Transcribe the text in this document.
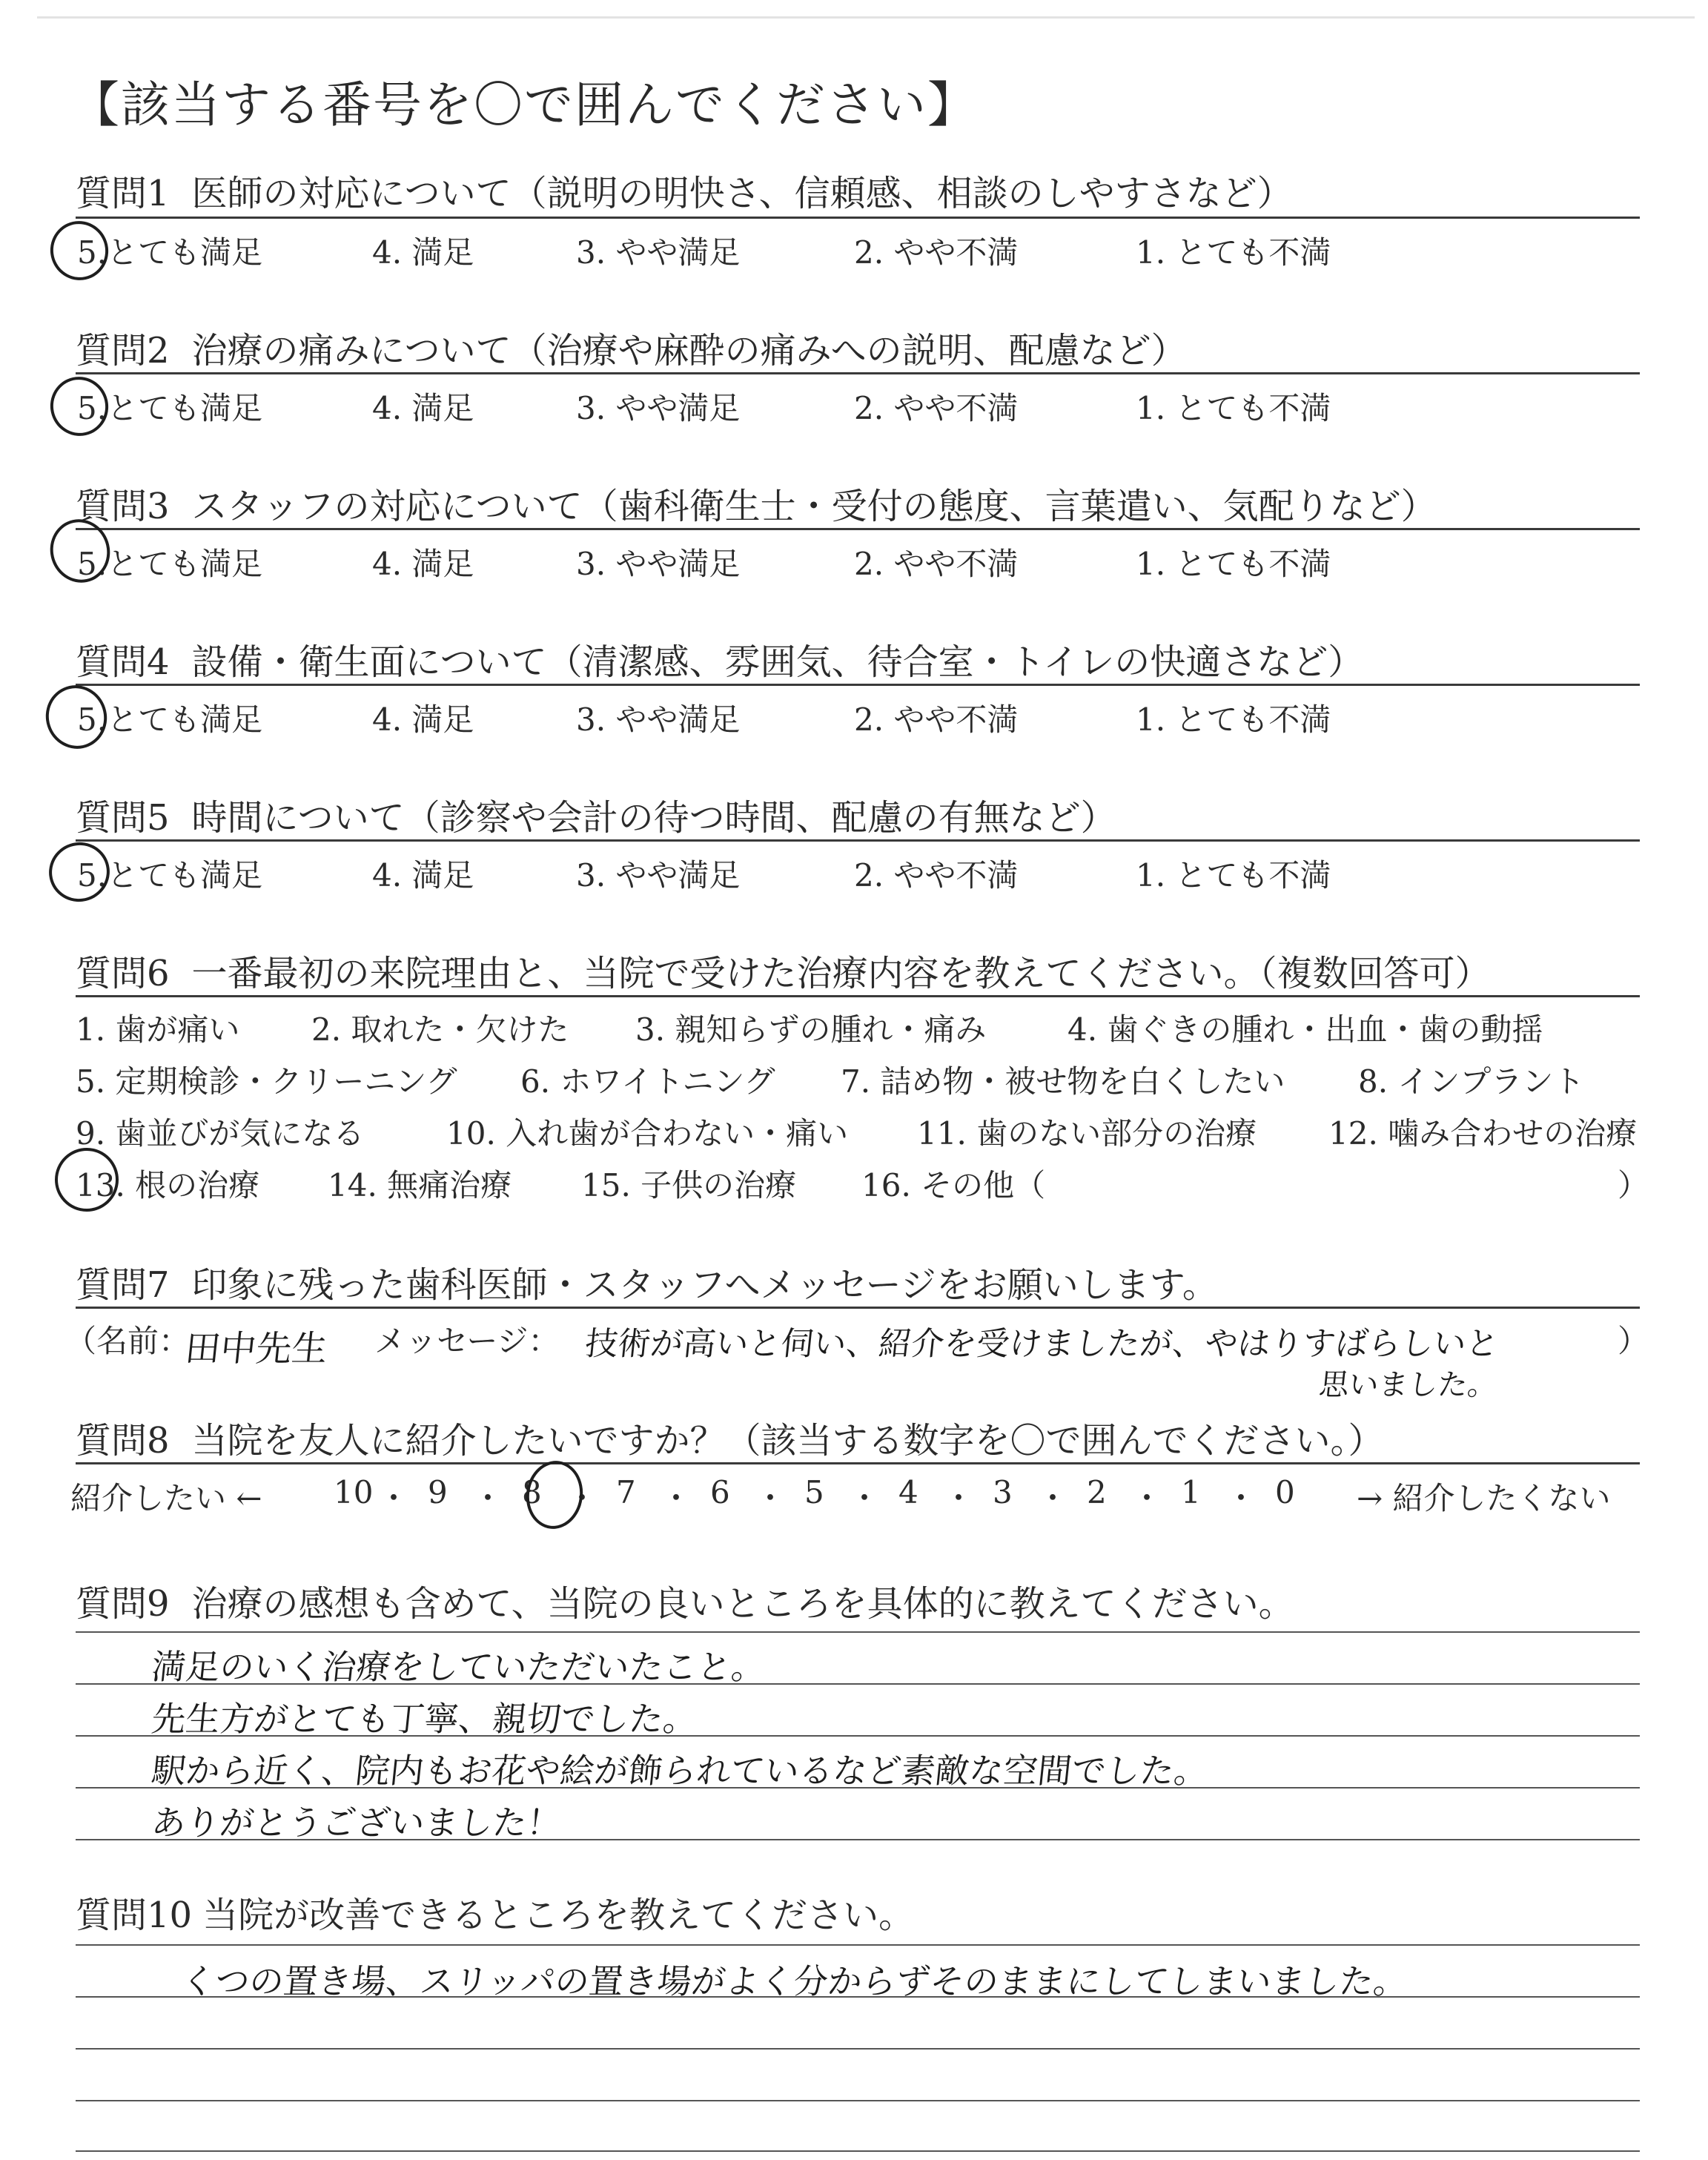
【該当する番号を〇で囲んでください】
質問1 医師の対応について（説明の明快さ、信頼感、相談のしやすさなど）
5.とても満足	4. 満足	3. やや満足	2. やや不満	1. とても不満
質問2 治療の痛みについて（治療や麻酔の痛みへの説明、配慮など）
5.とても満足	4. 満足	3. やや満足	2. やや不満	1. とても不満
質問3 スタッフの対応について（歯科衛生士・受付の態度、言葉遣い、気配りなど）
5.とても満足	4. 満足	3. やや満足	2. やや不満	1. とても不満
質問4 設備・衛生面について（清潔感、雰囲気、待合室・トイレの快適さなど）
5.とても満足	4. 満足	3. やや満足	2. やや不満	1. とても不満
質問5 時間について（診察や会計の待つ時間、配慮の有無など）
5.とても満足	4. 満足	3. やや満足	2. やや不満	1. とても不満
質問6 一番最初の来院理由と、当院で受けた治療内容を教えてください。（複数回答可）
1. 歯が痛い 2. 取れた・欠けた 3. 親知らずの腫れ・痛み	4. 歯ぐきの腫れ・出血・歯の動揺
5. 定期検診・クリーニング 6. ホワイトニング 7. 詰め物・被せ物を白くしたい 8. インプラント
9. 歯並びが気になる	10. 入れ歯が合わない・痛い 11. 歯のない部分の治療 12. 噛み合わせの治療
13. 根の治療 14. 無痛治療 15. 子供の治療 16. その他（	）
質問7 印象に残った歯科医師・スタッフへメッセージをお願いします。
（名前：
田中先生 メッセージ： 技術が高いと伺い、紹介を受けましたが、やはりすばらしいと
思いました。
）
質問8 当院を友人に紹介したいですか？（該当する数字を〇で囲んでください。）
紹介したい ← 10 ・ 9 ・ 8 ・ 7 ・ 6 ・ 5 ・ 4 ・ 3 ・ 2 ・ 1 ・ 0 → 紹介したくない
質問9 治療の感想も含めて、当院の良いところを具体的に教えてください。
満足のいく治療をしていただいたこと。
先生方がとても丁寧、親切でした。
駅から近く、院内もお花や絵が飾られているなど素敵な空間でした。
ありがとうございました！
質問10 当院が改善できるところを教えてください。
くつの置き場、スリッパの置き場がよく分からずそのままにしてしまいました。
